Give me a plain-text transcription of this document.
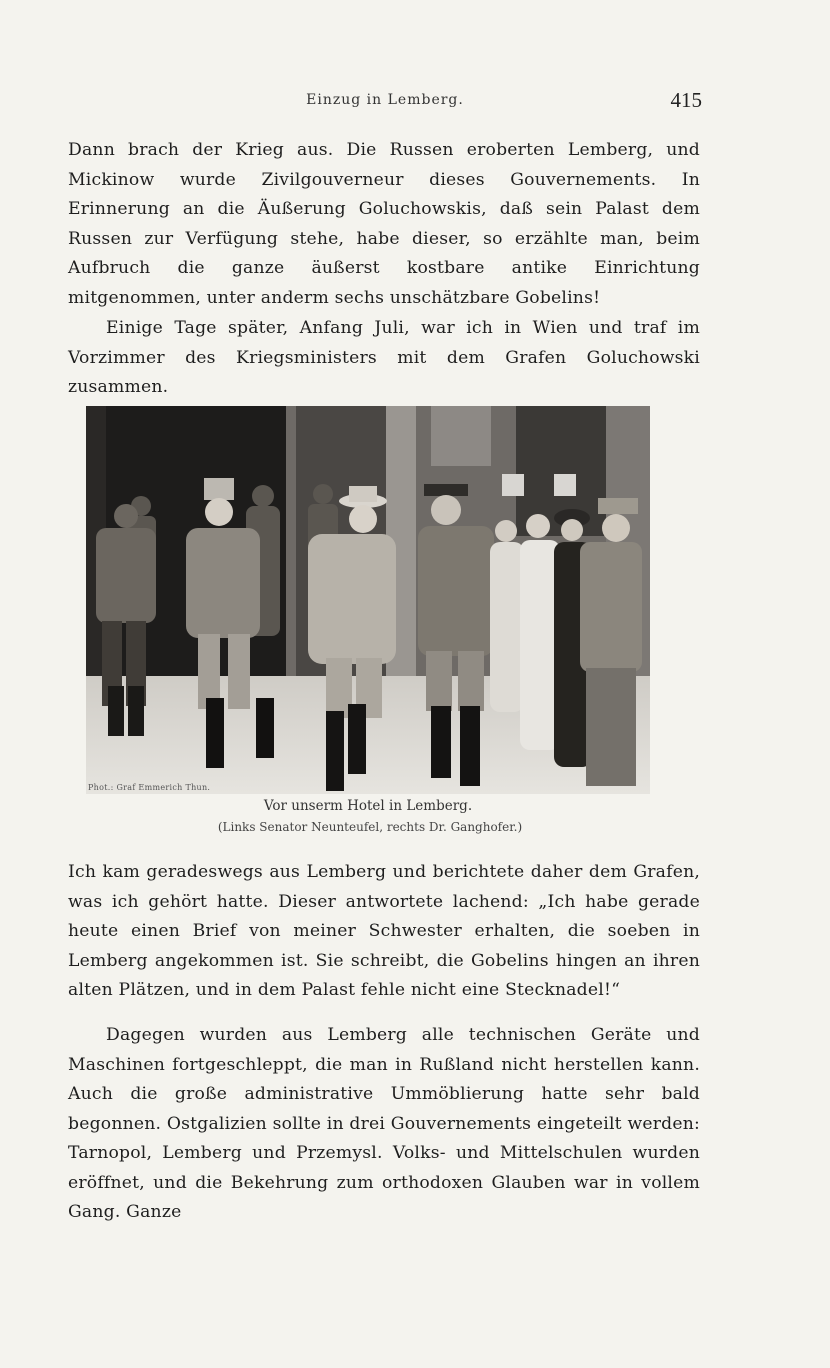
Einzug in Lemberg.	415

Dann brach der Krieg aus. Die Russen eroberten Lemberg, und Mickinow wurde Zivilgouverneur dieses Gouvernements. In Erinnerung an die Äußerung Goluchowskis, daß sein Palast dem Russen zur Verfügung stehe, habe dieser, so erzählte man, beim Aufbruch die ganze äußerst kostbare antike Einrichtung mitgenommen, unter anderm sechs unschätzbare Gobelins!

Einige Tage später, Anfang Juli, war ich in Wien und traf im Vorzimmer des Kriegsministers mit dem Grafen Goluchowski zusammen.

Phot.: Graf Emmerich Thun.
Vor unserm Hotel in Lemberg.
(Links Senator Neunteufel, rechts Dr. Ganghofer.)

Ich kam geradeswegs aus Lemberg und berichtete daher dem Grafen, was ich gehört hatte. Dieser antwortete lachend: „Ich habe gerade heute einen Brief von meiner Schwester erhalten, die soeben in Lemberg angekommen ist. Sie schreibt, die Gobelins hingen an ihren alten Plätzen, und in dem Palast fehle nicht eine Stecknadel!“

Dagegen wurden aus Lemberg alle technischen Geräte und Maschinen fortgeschleppt, die man in Rußland nicht herstellen kann. Auch die große administrative Ummöblierung hatte sehr bald begonnen. Ostgalizien sollte in drei Gouvernements eingeteilt werden: Tarnopol, Lemberg und Przemysl. Volks- und Mittelschulen wurden eröffnet, und die Bekehrung zum orthodoxen Glauben war in vollem Gang. Ganze
